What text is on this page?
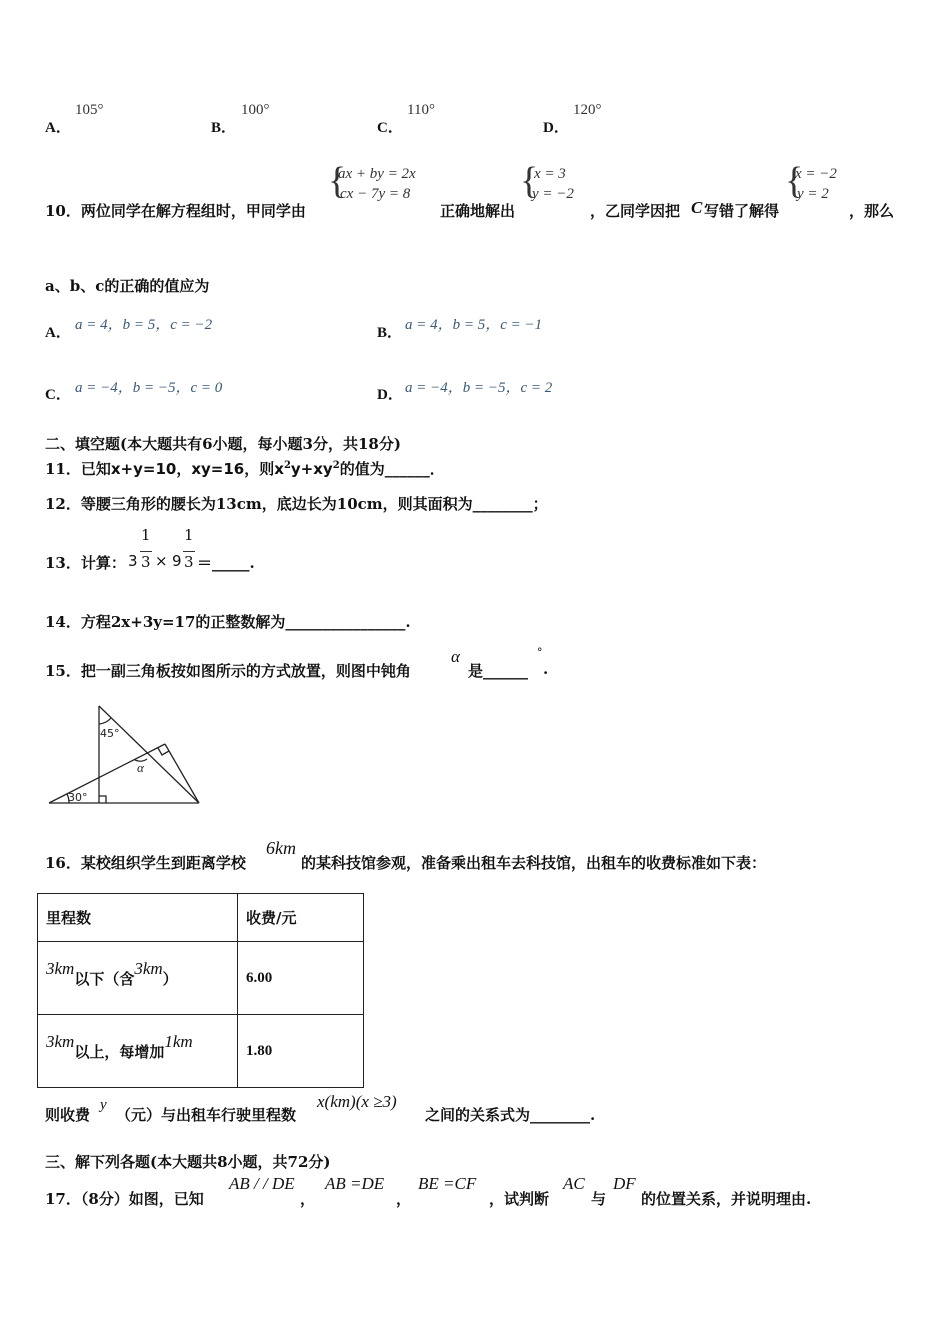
A．
105°
B．
100°
C．
110°
D．
120°
10．两位同学在解方程组时，甲同学由
{
ax + by = 2x
cx − 7y = 8
正确地解出
{
x = 3
y = −2
，乙同学因把 C 写错了解得
{
x = −2
y = 2
，那么
a、b、c的正确的值应为
A． a = 4，b = 5，c = −2	B． a = 4，b = 5，c = −1
C． a = −4，b = −5，c = 0	D． a = −4，b = −5，c = 2
二、填空题(本大题共有6小题，每小题3分，共18分)
11．已知x+y=10，xy=16，则$x^2y+xy^2$的值为______．
12．等腰三角形的腰长为13cm，底边长为10cm，则其面积为________；
13．计算： 3
1
3 × 9
1
3 ＝_____.
14．方程2x+3y=17的正整数解为________________.
15．把一副三角板按如图所示的方式放置，则图中钝角
α
是______
°
.
45°
30°
α
16．某校组织学生到距离学校
6km
的某科技馆参观，准备乘出租车去科技馆，出租车的收费标准如下表：
里程数	收费/元
3km以下（含3km）	6.00
3km以上，每增加1km	1.80
则收费
y
（元）与出租车行驶里程数
x(km)(x ≥3)
之间的关系式为________.
三、解下列各题(本大题共8小题，共72分)
17．（8分）如图，已知
AB / / DE
，
AB =DE
，
BE =CF
，试判断
AC
与
DF
的位置关系，并说明理由.
